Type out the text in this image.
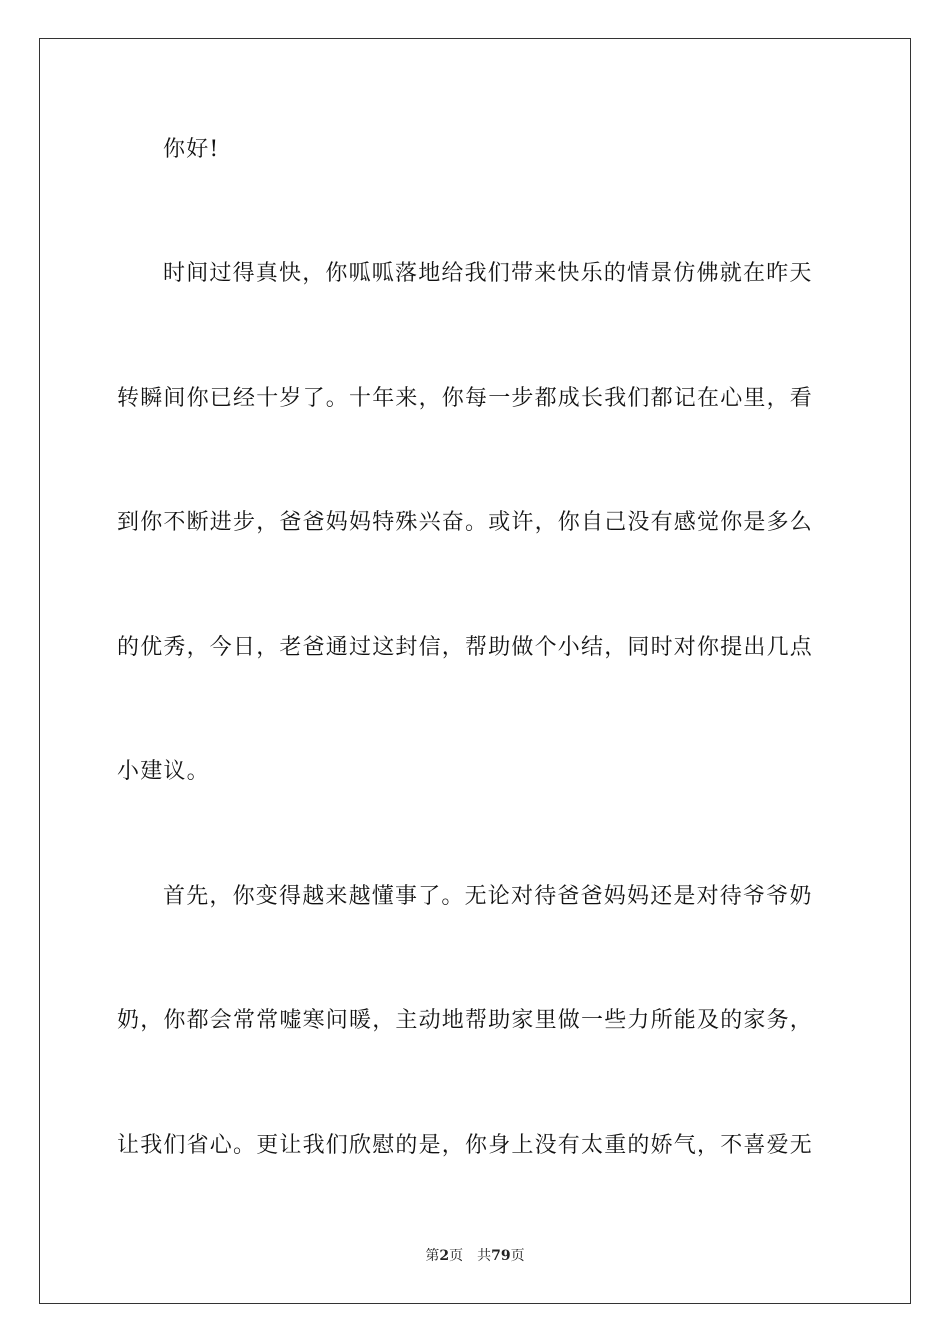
你好!
时间过得真快，你呱呱落地给我们带来快乐的情景仿佛就在昨天
转瞬间你已经十岁了。十年来，你每一步都成长我们都记在心里，看
到你不断进步，爸爸妈妈特殊兴奋。或许，你自己没有感觉你是多么
的优秀，今日，老爸通过这封信，帮助做个小结，同时对你提出几点
小建议。
首先，你变得越来越懂事了。无论对待爸爸妈妈还是对待爷爷奶
奶，你都会常常嘘寒问暖，主动地帮助家里做一些力所能及的家务，
让我们省心。更让我们欣慰的是，你身上没有太重的娇气，不喜爱无
第2页 共79页
